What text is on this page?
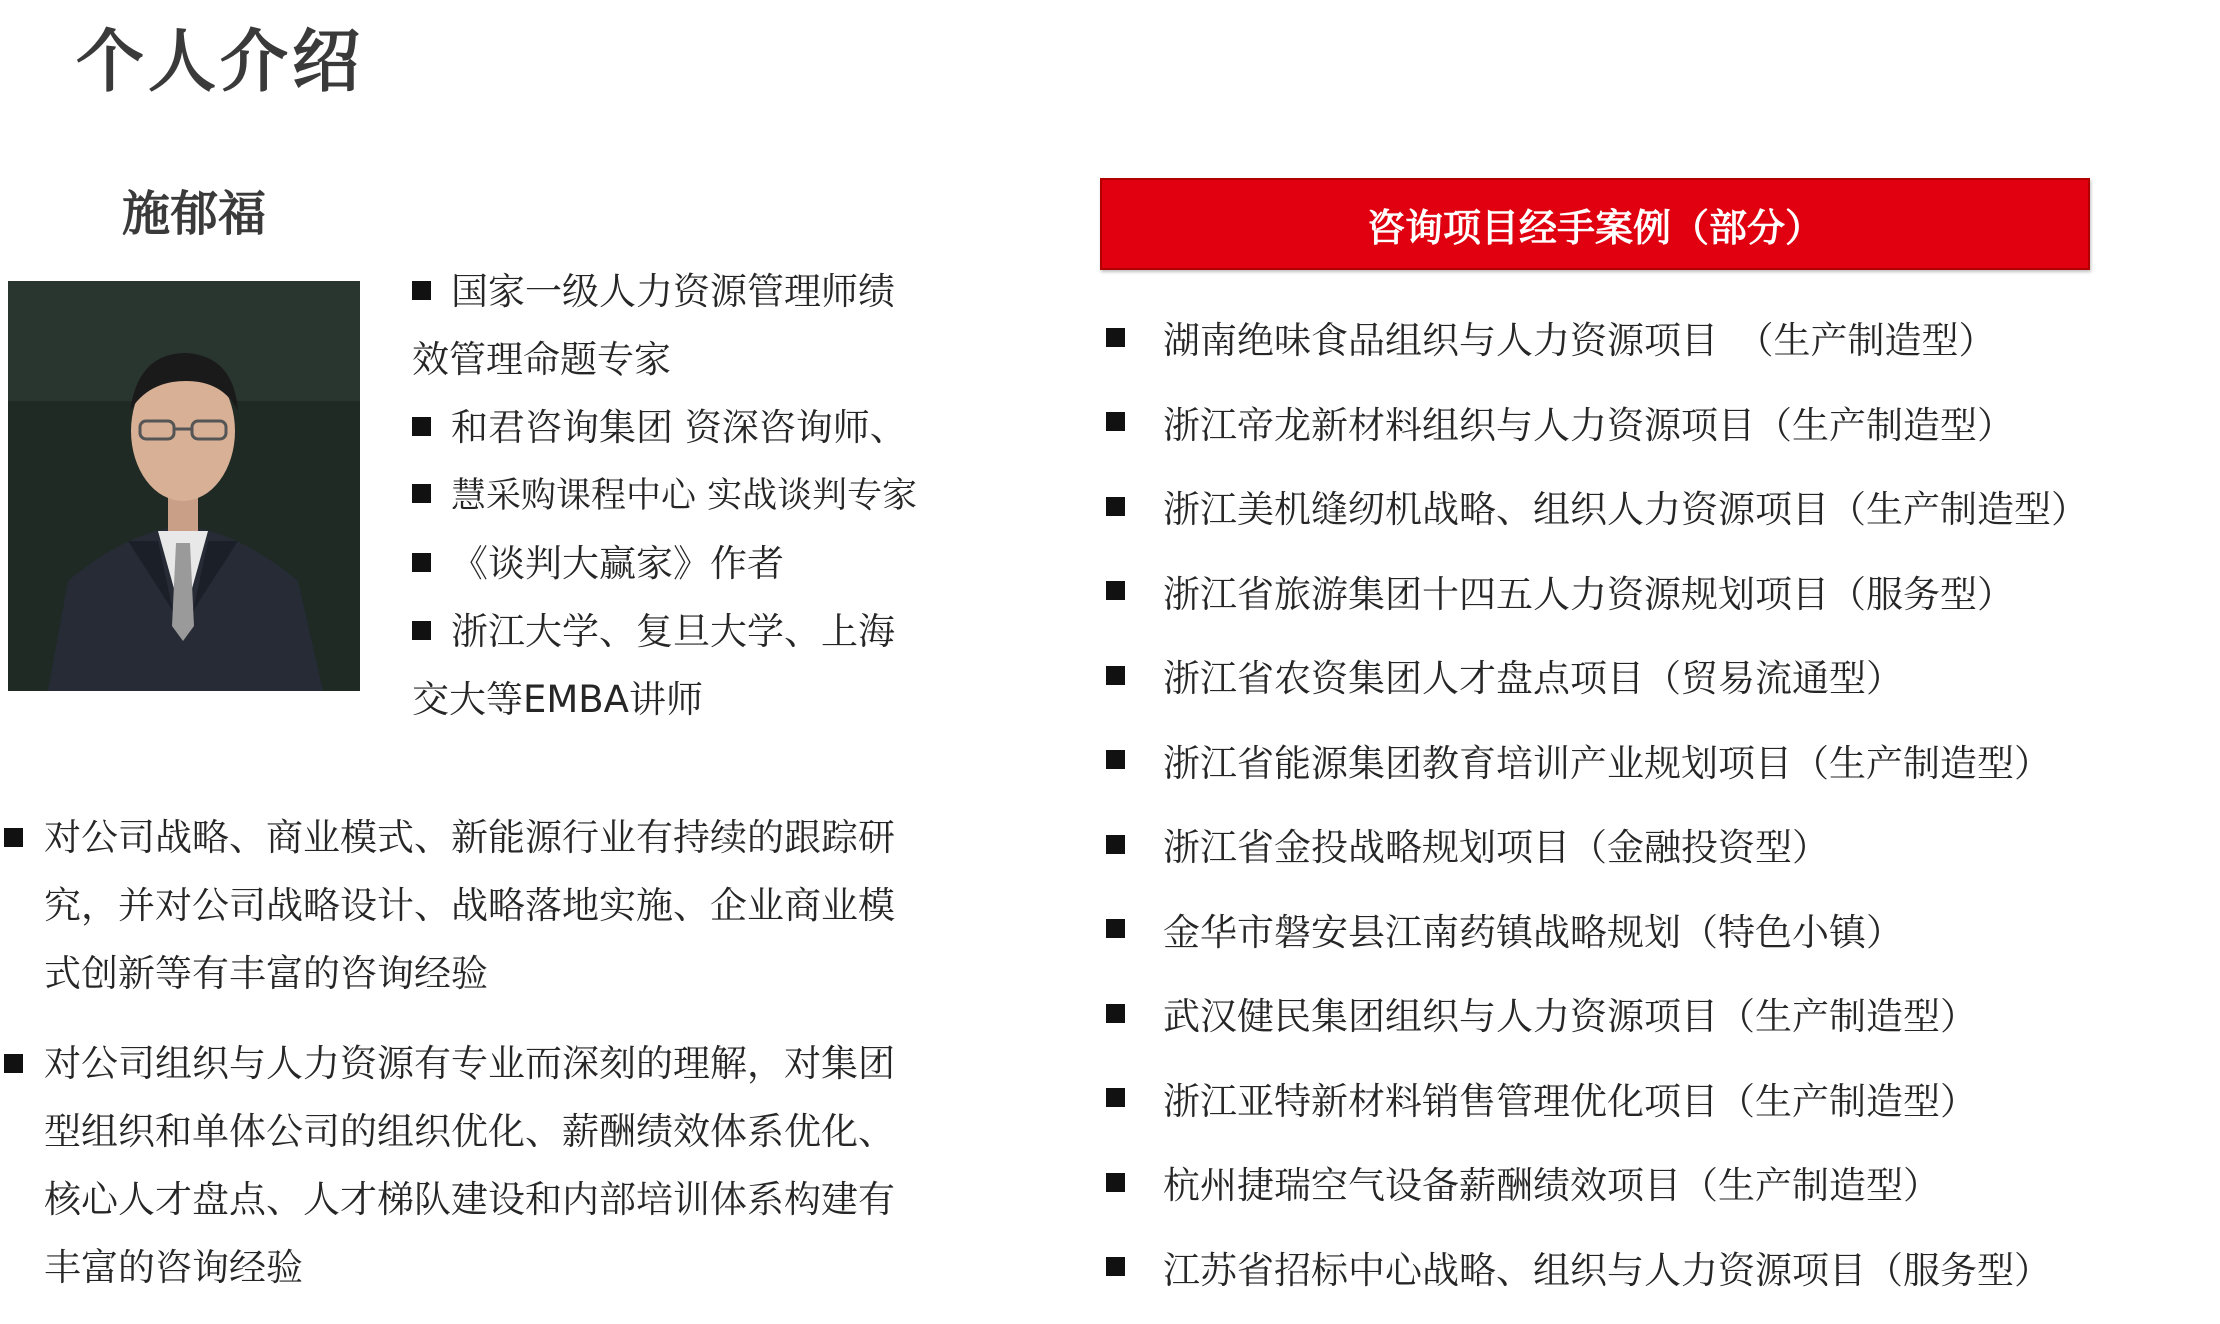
个人介绍
施郁福
国家一级人力资源管理师绩
效管理命题专家
和君咨询集团 资深咨询师、
慧采购课程中心 实战谈判专家
《谈判大赢家》作者
浙江大学、复旦大学、上海
交大等EMBA讲师
对公司战略、商业模式、新能源行业有持续的跟踪研
究，并对公司战略设计、战略落地实施、企业商业模
式创新等有丰富的咨询经验
对公司组织与人力资源有专业而深刻的理解，对集团
型组织和单体公司的组织优化、薪酬绩效体系优化、
核心人才盘点、人才梯队建设和内部培训体系构建有
丰富的咨询经验
咨询项目经手案例（部分）
湖南绝味食品组织与人力资源项目　（生产制造型）
浙江帝龙新材料组织与人力资源项目（生产制造型）
浙江美机缝纫机战略、组织人力资源项目（生产制造型）
浙江省旅游集团十四五人力资源规划项目（服务型）
浙江省农资集团人才盘点项目（贸易流通型）
浙江省能源集团教育培训产业规划项目（生产制造型）
浙江省金投战略规划项目（金融投资型）
金华市磐安县江南药镇战略规划（特色小镇）
武汉健民集团组织与人力资源项目（生产制造型）
浙江亚特新材料销售管理优化项目（生产制造型）
杭州捷瑞空气设备薪酬绩效项目（生产制造型）
江苏省招标中心战略、组织与人力资源项目（服务型）
